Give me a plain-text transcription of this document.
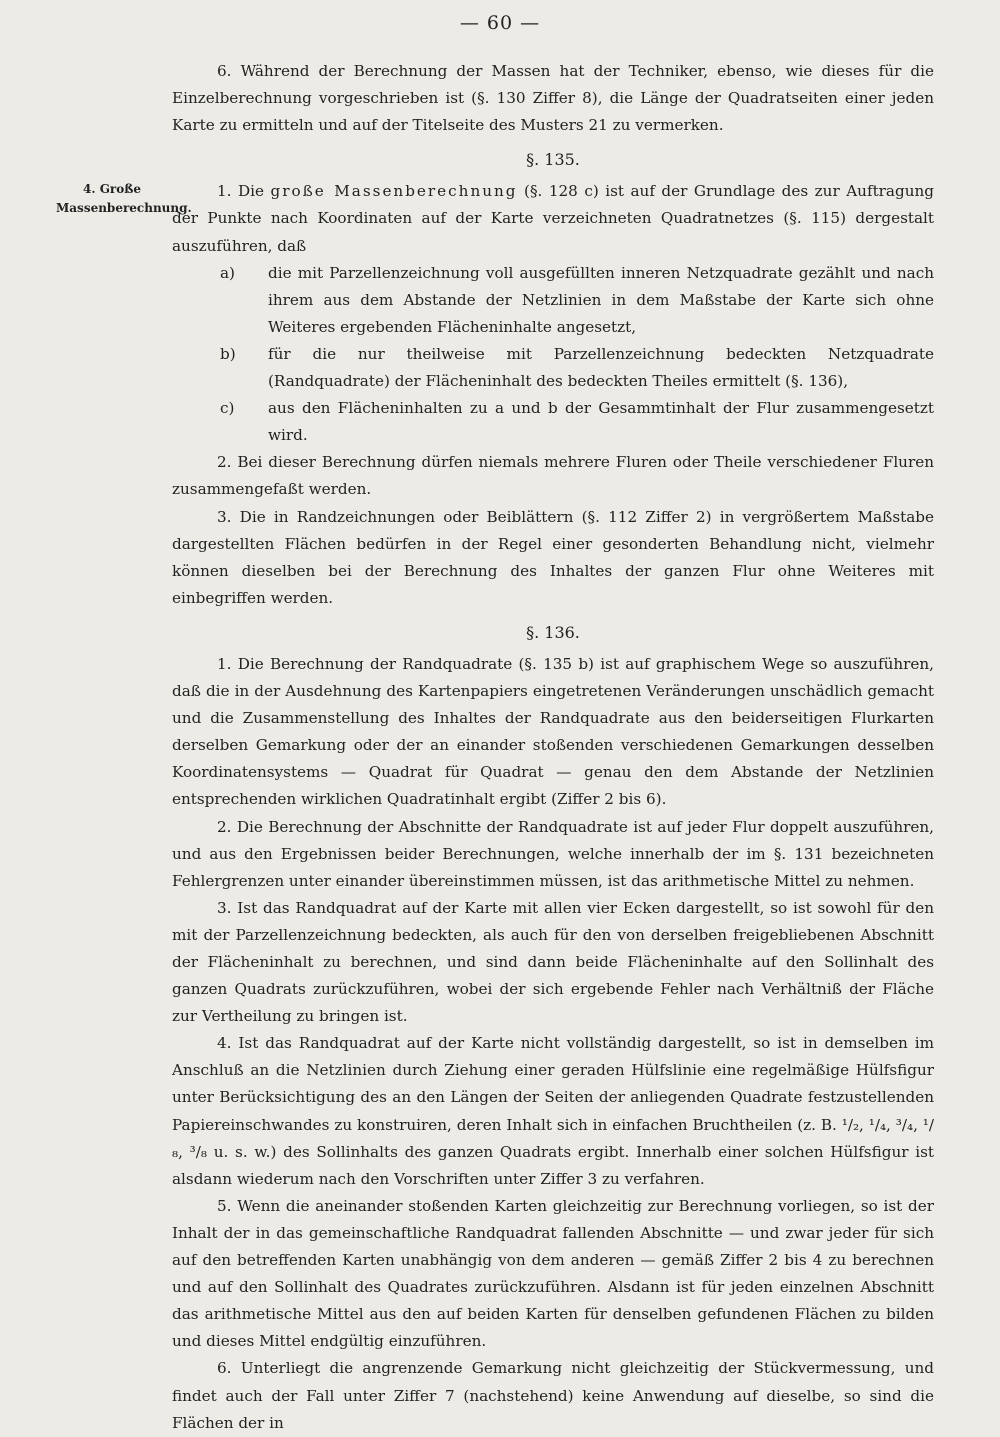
— 60 —
4. Große Massenberechnung.

6. Während der Berechnung der Massen hat der Techniker, ebenso, wie dieses für die Einzelberechnung vorgeschrieben ist (§. 130 Ziffer 8), die Länge der Quadratseiten einer jeden Karte zu ermitteln und auf der Titelseite des Musters 21 zu vermerken.

§. 135.

1. Die große Massenberechnung (§. 128 c) ist auf der Grundlage des zur Auftragung der Punkte nach Koordinaten auf der Karte verzeichneten Quadratnetzes (§. 115) dergestalt auszuführen, daß

a) die mit Parzellenzeichnung voll ausgefüllten inneren Netzquadrate gezählt und nach ihrem aus dem Abstande der Netzlinien in dem Maßstabe der Karte sich ohne Weiteres ergebenden Flächeninhalte angesetzt,

b) für die nur theilweise mit Parzellenzeichnung bedeckten Netzquadrate (Randquadrate) der Flächeninhalt des bedeckten Theiles ermittelt (§. 136),

c) aus den Flächeninhalten zu a und b der Gesammtinhalt der Flur zusammengesetzt wird.

2. Bei dieser Berechnung dürfen niemals mehrere Fluren oder Theile verschiedener Fluren zusammengefaßt werden.

3. Die in Randzeichnungen oder Beiblättern (§. 112 Ziffer 2) in vergrößertem Maßstabe dargestellten Flächen bedürfen in der Regel einer gesonderten Behandlung nicht, vielmehr können dieselben bei der Berechnung des Inhaltes der ganzen Flur ohne Weiteres mit einbegriffen werden.

§. 136.

1. Die Berechnung der Randquadrate (§. 135 b) ist auf graphischem Wege so auszuführen, daß die in der Ausdehnung des Kartenpapiers eingetretenen Veränderungen unschädlich gemacht und die Zusammenstellung des Inhaltes der Randquadrate aus den beiderseitigen Flurkarten derselben Gemarkung oder der an einander stoßenden verschiedenen Gemarkungen desselben Koordinatensystems — Quadrat für Quadrat — genau den dem Abstande der Netzlinien entsprechenden wirklichen Quadratinhalt ergibt (Ziffer 2 bis 6).

2. Die Berechnung der Abschnitte der Randquadrate ist auf jeder Flur doppelt auszuführen, und aus den Ergebnissen beider Berechnungen, welche innerhalb der im §. 131 bezeichneten Fehlergrenzen unter einander übereinstimmen müssen, ist das arithmetische Mittel zu nehmen.

3. Ist das Randquadrat auf der Karte mit allen vier Ecken dargestellt, so ist sowohl für den mit der Parzellenzeichnung bedeckten, als auch für den von derselben freigebliebenen Abschnitt der Flächeninhalt zu berechnen, und sind dann beide Flächeninhalte auf den Sollinhalt des ganzen Quadrats zurückzuführen, wobei der sich ergebende Fehler nach Verhältniß der Fläche zur Vertheilung zu bringen ist.

4. Ist das Randquadrat auf der Karte nicht vollständig dargestellt, so ist in demselben im Anschluß an die Netzlinien durch Ziehung einer geraden Hülfslinie eine regelmäßige Hülfsfigur unter Berücksichtigung des an den Längen der Seiten der anliegenden Quadrate festzustellenden Papiereinschwandes zu konstruiren, deren Inhalt sich in einfachen Bruchtheilen (z. B. ¹/₂, ¹/₄, ³/₄, ¹/₈, ³/₈ u. s. w.) des Sollinhalts des ganzen Quadrats ergibt. Innerhalb einer solchen Hülfsfigur ist alsdann wiederum nach den Vorschriften unter Ziffer 3 zu verfahren.

5. Wenn die aneinander stoßenden Karten gleichzeitig zur Berechnung vorliegen, so ist der Inhalt der in das gemeinschaftliche Randquadrat fallenden Abschnitte — und zwar jeder für sich auf den betreffenden Karten unabhängig von dem anderen — gemäß Ziffer 2 bis 4 zu berechnen und auf den Sollinhalt des Quadrates zurückzuführen. Alsdann ist für jeden einzelnen Abschnitt das arithmetische Mittel aus den auf beiden Karten für denselben gefundenen Flächen zu bilden und dieses Mittel endgültig einzuführen.

6. Unterliegt die angrenzende Gemarkung nicht gleichzeitig der Stückvermessung, und findet auch der Fall unter Ziffer 7 (nachstehend) keine Anwendung auf dieselbe, so sind die Flächen der in
